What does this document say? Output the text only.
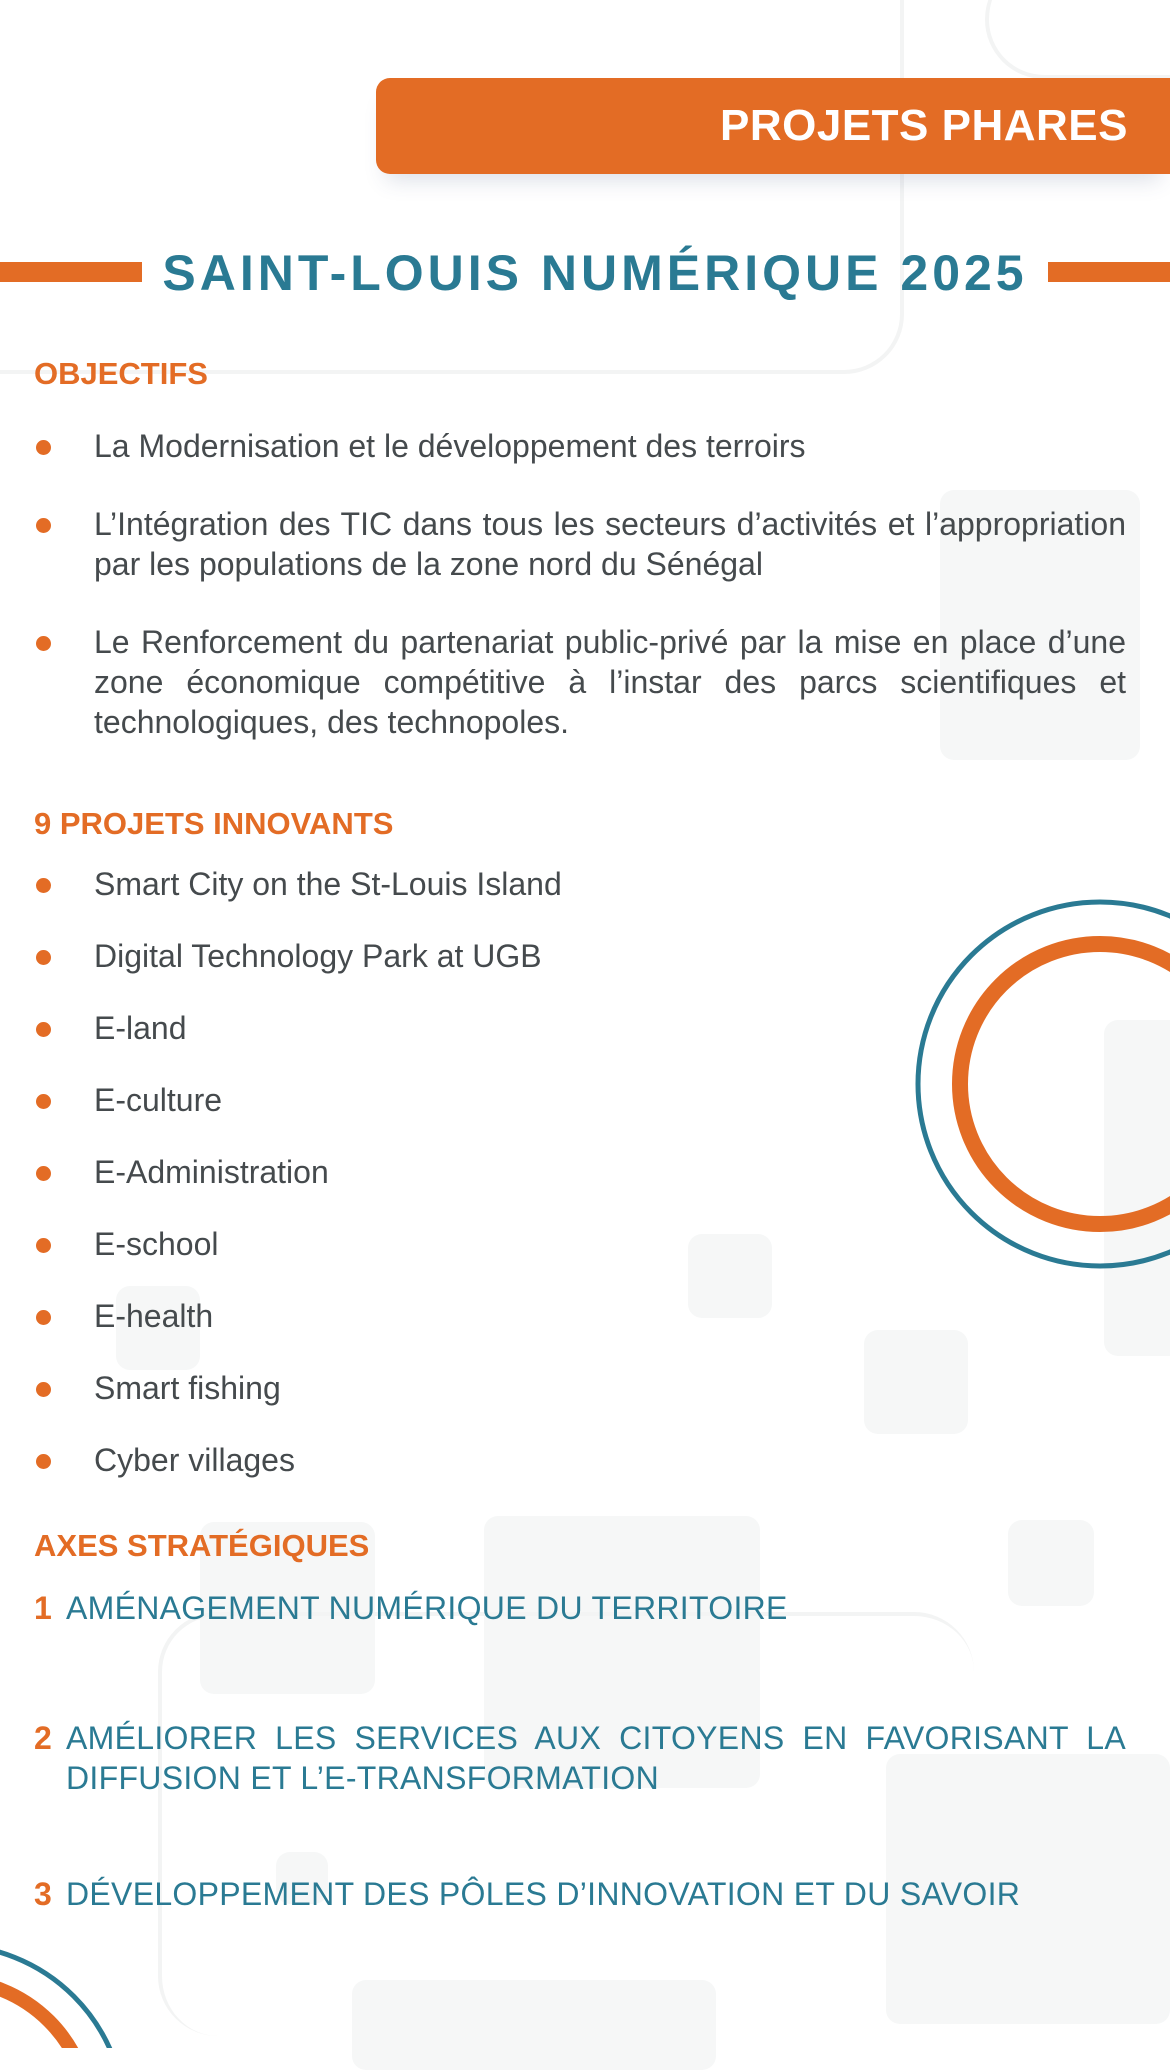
PROJETS PHARES
SAINT-LOUIS NUMÉRIQUE 2025
OBJECTIFS
La Modernisation et le développement des terroirs
L’Intégration des TIC dans tous les secteurs d’activités et l’appropriation par les populations de la zone nord du Sénégal
Le Renforcement du partenariat public-privé par la mise en place d’une zone économique compétitive à l’instar des parcs scientifiques et technologiques, des technopoles.
9 PROJETS INNOVANTS
Smart City on the St-Louis Island
Digital Technology Park at UGB
E-land
E-culture
E-Administration
E-school
E-health
Smart fishing
Cyber villages
AXES STRATÉGIQUES
1 AMÉNAGEMENT NUMÉRIQUE DU TERRITOIRE
2 AMÉLIORER LES SERVICES AUX CITOYENS EN FAVORISANT LA DIFFUSION ET L’E-TRANSFORMATION
3 DÉVELOPPEMENT DES PÔLES D’INNOVATION ET DU SAVOIR
